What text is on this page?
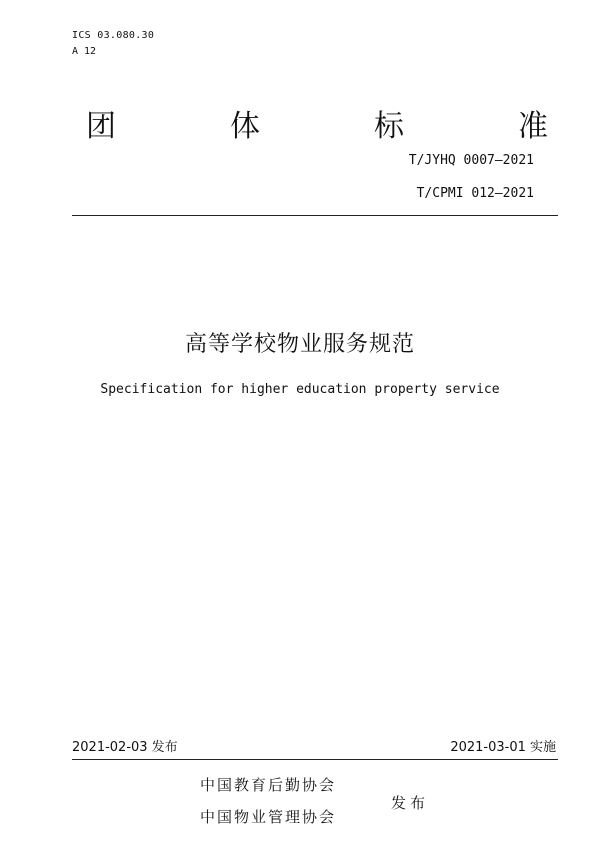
ICS 03.080.30
A 12
团	体	标	准
T/JYHQ 0007—2021
T/CPMI 012—2021
高等学校物业服务规范
Specification for higher education property service
2021-02-03 发布	2021-03-01 实施
中国教育后勤协会
中国物业管理协会
发布
